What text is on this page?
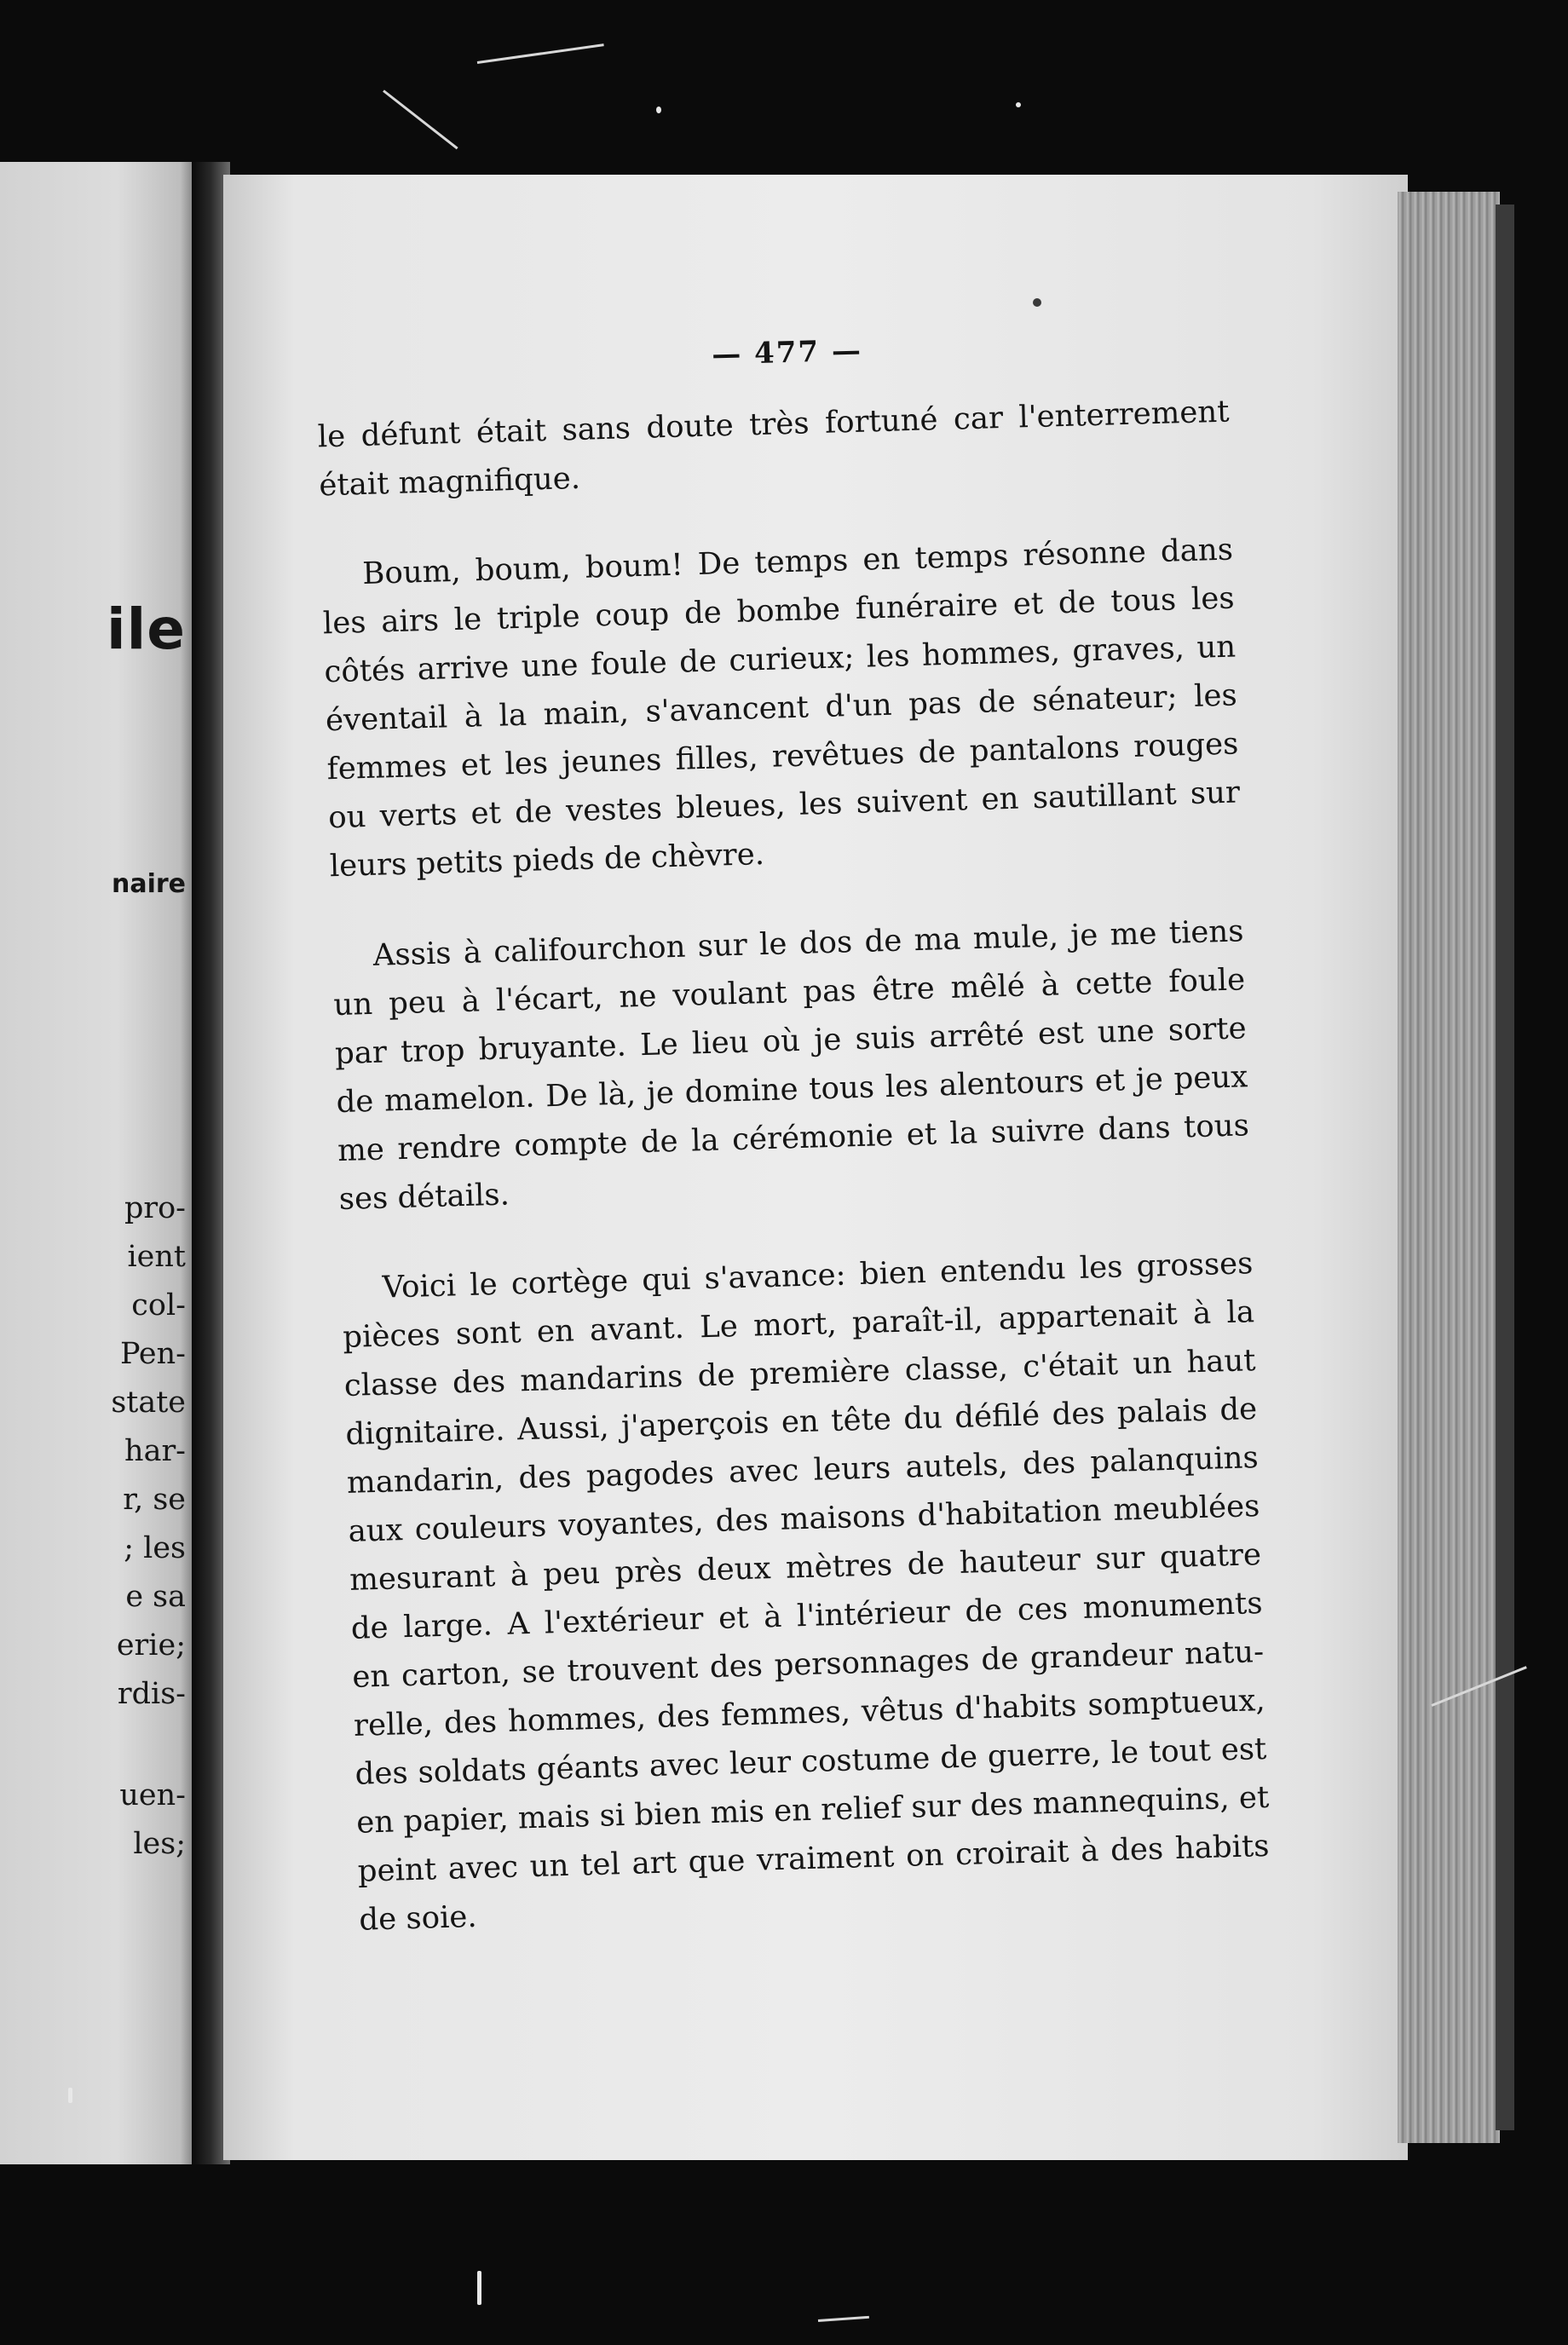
ile
naire
pro-
ient
col-
Pen-
state
har-
r, se
; les
e sa
erie;
rdis-
uen-
les;
— 477 —
le défunt était sans doute très fortuné car l'enterrement
était magnifique.
Boum, boum, boum! De temps en temps résonne dans
les airs le triple coup de bombe funéraire et de tous les
côtés arrive une foule de curieux; les hommes, graves, un
éventail à la main, s'avancent d'un pas de sénateur; les
femmes et les jeunes filles, revêtues de pantalons rouges
ou verts et de vestes bleues, les suivent en sautillant sur
leurs petits pieds de chèvre.
Assis à califourchon sur le dos de ma mule, je me tiens
un peu à l'écart, ne voulant pas être mêlé à cette foule
par trop bruyante. Le lieu où je suis arrêté est une sorte
de mamelon. De là, je domine tous les alentours et je peux
me rendre compte de la cérémonie et la suivre dans tous
ses détails.
Voici le cortège qui s'avance: bien entendu les grosses
pièces sont en avant. Le mort, paraît-il, appartenait à la
classe des mandarins de première classe, c'était un haut
dignitaire. Aussi, j'aperçois en tête du défilé des palais de
mandarin, des pagodes avec leurs autels, des palanquins
aux couleurs voyantes, des maisons d'habitation meublées
mesurant à peu près deux mètres de hauteur sur quatre
de large. A l'extérieur et à l'intérieur de ces monuments
en carton, se trouvent des personnages de grandeur natu-
relle, des hommes, des femmes, vêtus d'habits somptueux,
des soldats géants avec leur costume de guerre, le tout est
en papier, mais si bien mis en relief sur des mannequins, et
peint avec un tel art que vraiment on croirait à des habits
de soie.
